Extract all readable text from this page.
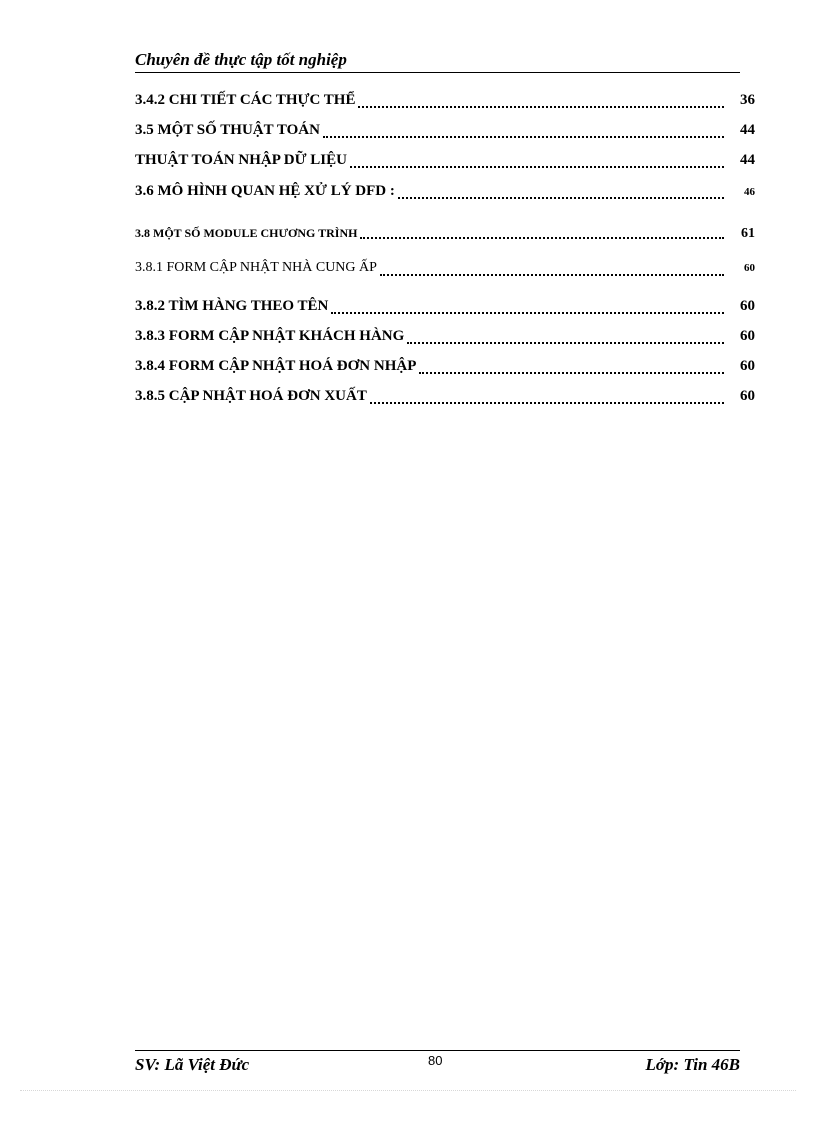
Chuyên đề thực tập tốt nghiệp
3.4.2 CHI TIẾT CÁC THỰC THỂ	36
3.5 MỘT SỐ THUẬT TOÁN	44
THUẬT TOÁN NHẬP DỮ LIỆU	44
3.6 MÔ HÌNH QUAN HỆ XỬ LÝ DFD :	46
3.8 MỘT SỐ MODULE CHƯƠNG TRÌNH	61
3.8.1 FORM CẬP NHẬT NHÀ CUNG ẤP	60
3.8.2 TÌM HÀNG THEO TÊN	60
3.8.3 FORM CẬP NHẬT KHÁCH HÀNG	60
3.8.4 FORM CẬP NHẬT HOÁ ĐƠN NHẬP	60
3.8.5 CẬP NHẬT HOÁ ĐƠN XUẤT	60
SV: Lã Việt Đức	80	Lớp: Tin 46B
